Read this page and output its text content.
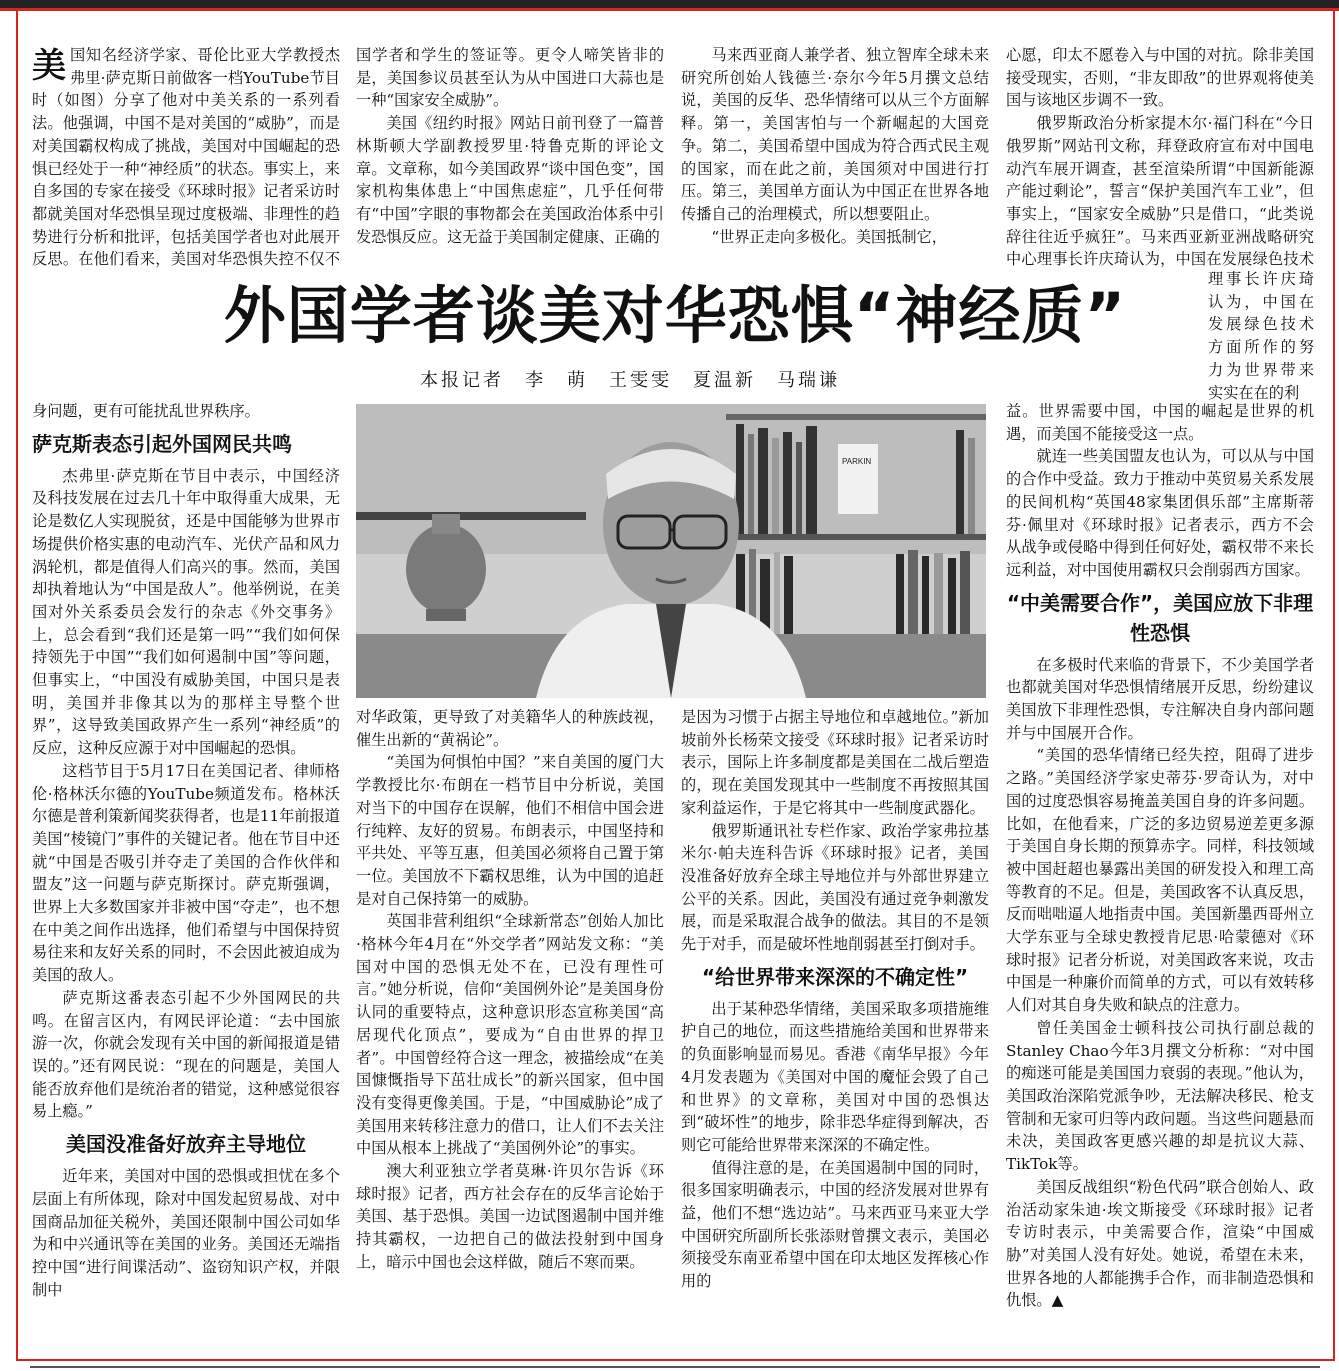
美国知名经济学家、哥伦比亚大学教授杰弗里·萨克斯日前做客一档YouTube节目时（如图）分享了他对中美关系的一系列看法。他强调，中国不是对美国的“威胁”，而是对美国霸权构成了挑战，美国对中国崛起的恐惧已经处于一种“神经质”的状态。事实上，来自多国的专家在接受《环球时报》记者采访时都就美国对华恐惧呈现过度极端、非理性的趋势进行分析和批评，包括美国学者也对此展开反思。在他们看来，美国对华恐惧失控不仅不

身问题，更有可能扰乱世界秩序。

萨克斯表态引起外国网民共鸣

杰弗里·萨克斯在节目中表示，中国经济及科技发展在过去几十年中取得重大成果，无论是数亿人实现脱贫，还是中国能够为世界市场提供价格实惠的电动汽车、光伏产品和风力涡轮机，都是值得人们高兴的事。然而，美国却执着地认为“中国是敌人”。他举例说，在美国对外关系委员会发行的杂志《外交事务》上，总会看到“我们还是第一吗”“我们如何保持领先于中国”“我们如何遏制中国”等问题，但事实上，“中国没有威胁美国，中国只是表明，美国并非像其以为的那样主导整个世界”，这导致美国政界产生一系列“神经质”的反应，这种反应源于对中国崛起的恐惧。

这档节目于5月17日在美国记者、律师格伦·格林沃尔德的YouTube频道发布。格林沃尔德是普利策新闻奖获得者，也是11年前报道美国“棱镜门”事件的关键记者。他在节目中还就“中国是否吸引并夺走了美国的合作伙伴和盟友”这一问题与萨克斯探讨。萨克斯强调，世界上大多数国家并非被中国“夺走”，也不想在中美之间作出选择，他们希望与中国保持贸易往来和友好关系的同时，不会因此被迫成为美国的敌人。

萨克斯这番表态引起不少外国网民的共鸣。在留言区内，有网民评论道：“去中国旅游一次，你就会发现有关中国的新闻报道是错误的。”还有网民说：“现在的问题是，美国人能否放弃他们是统治者的错觉，这种感觉很容易上瘾。”

美国没准备好放弃主导地位

近年来，美国对中国的恐惧或担忧在多个层面上有所体现，除对中国发起贸易战、对中国商品加征关税外，美国还限制中国公司如华为和中兴通讯等在美国的业务。美国还无端指控中国“进行间谍活动”、盗窃知识产权，并限制中

国学者和学生的签证等。更令人啼笑皆非的是，美国参议员甚至认为从中国进口大蒜也是一种“国家安全威胁”。

美国《纽约时报》网站日前刊登了一篇普林斯顿大学副教授罗里·特鲁克斯的评论文章。文章称，如今美国政界“谈中国色变”，国家机构集体患上“中国焦虑症”，几乎任何带有“中国”字眼的事物都会在美国政治体系中引发恐惧反应。这无益于美国制定健康、正确的

马来西亚商人兼学者、独立智库全球未来研究所创始人钱德兰·奈尔今年5月撰文总结说，美国的反华、恐华情绪可以从三个方面解释。第一，美国害怕与一个新崛起的大国竞争。第二，美国希望中国成为符合西式民主观的国家，而在此之前，美国须对中国进行打压。第三，美国单方面认为中国正在世界各地传播自己的治理模式，所以想要阻止。

“世界正走向多极化。美国抵制它，

心愿，印太不愿卷入与中国的对抗。除非美国接受现实，否则，“非友即敌”的世界观将使美国与该地区步调不一致。

俄罗斯政治分析家提木尔·福门科在“今日俄罗斯”网站刊文称，拜登政府宣布对中国电动汽车展开调查，甚至渲染所谓“中国新能源产能过剩论”，誓言“保护美国汽车工业”，但事实上，“国家安全威胁”只是借口，“此类说辞往往近乎疯狂”。马来西亚新亚洲战略研究中心理事长许庆琦认为，中国在发展绿色技术

理事长许庆琦认为，中国在发展绿色技术方面所作的努力为世界带来实实在在的利

益。世界需要中国，中国的崛起是世界的机遇，而美国不能接受这一点。

就连一些美国盟友也认为，可以从与中国的合作中受益。致力于推动中英贸易关系发展的民间机构“英国48家集团俱乐部”主席斯蒂芬·佩里对《环球时报》记者表示，西方不会从战争或侵略中得到任何好处，霸权带不来长远利益，对中国使用霸权只会削弱西方国家。

“中美需要合作”，美国应放下非理性恐惧

在多极时代来临的背景下，不少美国学者也都就美国对华恐惧情绪展开反思，纷纷建议美国放下非理性恐惧，专注解决自身内部问题并与中国展开合作。

“美国的恐华情绪已经失控，阻碍了进步之路。”美国经济学家史蒂芬·罗奇认为，对中国的过度恐惧容易掩盖美国自身的许多问题。比如，在他看来，广泛的多边贸易逆差更多源于美国自身长期的预算赤字。同样，科技领域被中国赶超也暴露出美国的研发投入和理工高等教育的不足。但是，美国政客不认真反思，反而咄咄逼人地指责中国。美国新墨西哥州立大学东亚与全球史教授肯尼思·哈蒙德对《环球时报》记者分析说，对美国政客来说，攻击中国是一种廉价而简单的方式，可以有效转移人们对其自身失败和缺点的注意力。

曾任美国金士顿科技公司执行副总裁的Stanley Chao今年3月撰文分析称：“对中国的痴迷可能是美国国力衰弱的表现。”他认为，美国政治深陷党派争吵，无法解决移民、枪支管制和无家可归等内政问题。当这些问题悬而未决，美国政客更感兴趣的却是抗议大蒜、TikTok等。

美国反战组织“粉色代码”联合创始人、政治活动家朱迪·埃文斯接受《环球时报》记者专访时表示，中美需要合作，渲染“中国威胁”对美国人没有好处。她说，希望在未来，世界各地的人都能携手合作，而非制造恐惧和仇恨。▲

外国学者谈美对华恐惧“神经质”
本报记者　李　萌　王雯雯　夏温新　马瑞谦
PARKIN

对华政策，更导致了对美籍华人的种族歧视，催生出新的“黄祸论”。

“美国为何惧怕中国？”来自美国的厦门大学教授比尔·布朗在一档节目中分析说，美国对当下的中国存在误解，他们不相信中国会进行纯粹、友好的贸易。布朗表示，中国坚持和平共处、平等互惠，但美国必须将自己置于第一位。美国放不下霸权思维，认为中国的追赶是对自己保持第一的威胁。

英国非营利组织“全球新常态”创始人加比·格林今年4月在“外交学者”网站发文称：“美国对中国的恐惧无处不在，已没有理性可言。”她分析说，信仰“美国例外论”是美国身份认同的重要特点，这种意识形态宣称美国“高居现代化顶点”，要成为“自由世界的捍卫者”。中国曾经符合这一理念，被描绘成“在美国慷慨指导下茁壮成长”的新兴国家，但中国没有变得更像美国。于是，“中国威胁论”成了美国用来转移注意力的借口，让人们不去关注中国从根本上挑战了“美国例外论”的事实。

澳大利亚独立学者莫琳·许贝尔告诉《环球时报》记者，西方社会存在的反华言论始于美国、基于恐惧。美国一边试图遏制中国并维持其霸权，一边把自己的做法投射到中国身上，暗示中国也会这样做，随后不寒而栗。

是因为习惯于占据主导地位和卓越地位。”新加坡前外长杨荣文接受《环球时报》记者采访时表示，国际上许多制度都是美国在二战后塑造的，现在美国发现其中一些制度不再按照其国家利益运作，于是它将其中一些制度武器化。

俄罗斯通讯社专栏作家、政治学家弗拉基米尔·帕夫连科告诉《环球时报》记者，美国没准备好放弃全球主导地位并与外部世界建立公平的关系。因此，美国没有通过竞争刺激发展，而是采取混合战争的做法。其目的不是领先于对手，而是破坏性地削弱甚至打倒对手。

“给世界带来深深的不确定性”

出于某种恐华情绪，美国采取多项措施维护自己的地位，而这些措施给美国和世界带来的负面影响显而易见。香港《南华早报》今年4月发表题为《美国对中国的魔怔会毁了自己和世界》的文章称，美国对中国的恐惧达到“破坏性”的地步，除非恐华症得到解决，否则它可能给世界带来深深的不确定性。

值得注意的是，在美国遏制中国的同时，很多国家明确表示，中国的经济发展对世界有益，他们不想“选边站”。马来西亚马来亚大学中国研究所副所长张添财曾撰文表示，美国必须接受东南亚希望中国在印太地区发挥核心作用的
